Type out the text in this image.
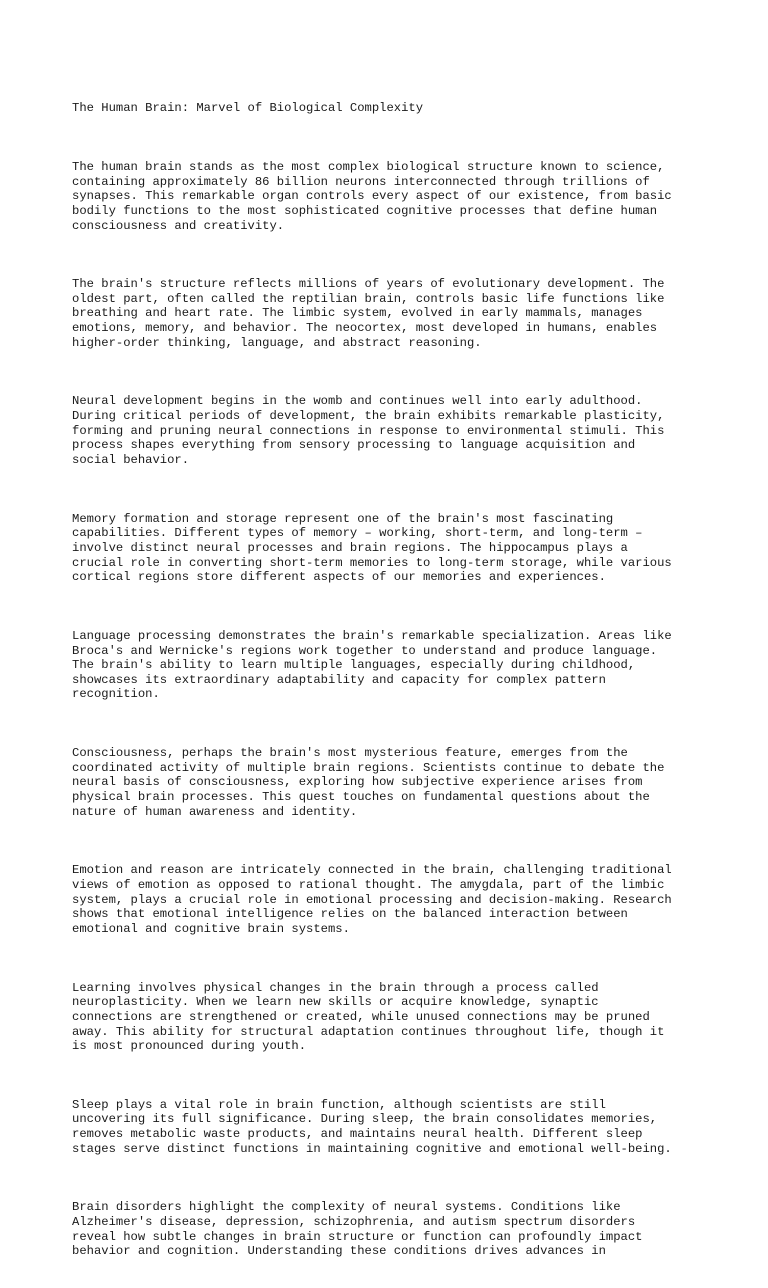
The Human Brain: Marvel of Biological Complexity

The human brain stands as the most complex biological structure known to science,
containing approximately 86 billion neurons interconnected through trillions of
synapses. This remarkable organ controls every aspect of our existence, from basic
bodily functions to the most sophisticated cognitive processes that define human
consciousness and creativity.

The brain's structure reflects millions of years of evolutionary development. The
oldest part, often called the reptilian brain, controls basic life functions like
breathing and heart rate. The limbic system, evolved in early mammals, manages
emotions, memory, and behavior. The neocortex, most developed in humans, enables
higher-order thinking, language, and abstract reasoning.

Neural development begins in the womb and continues well into early adulthood.
During critical periods of development, the brain exhibits remarkable plasticity,
forming and pruning neural connections in response to environmental stimuli. This
process shapes everything from sensory processing to language acquisition and
social behavior.

Memory formation and storage represent one of the brain's most fascinating
capabilities. Different types of memory – working, short-term, and long-term –
involve distinct neural processes and brain regions. The hippocampus plays a
crucial role in converting short-term memories to long-term storage, while various
cortical regions store different aspects of our memories and experiences.

Language processing demonstrates the brain's remarkable specialization. Areas like
Broca's and Wernicke's regions work together to understand and produce language.
The brain's ability to learn multiple languages, especially during childhood,
showcases its extraordinary adaptability and capacity for complex pattern
recognition.

Consciousness, perhaps the brain's most mysterious feature, emerges from the
coordinated activity of multiple brain regions. Scientists continue to debate the
neural basis of consciousness, exploring how subjective experience arises from
physical brain processes. This quest touches on fundamental questions about the
nature of human awareness and identity.

Emotion and reason are intricately connected in the brain, challenging traditional
views of emotion as opposed to rational thought. The amygdala, part of the limbic
system, plays a crucial role in emotional processing and decision-making. Research
shows that emotional intelligence relies on the balanced interaction between
emotional and cognitive brain systems.

Learning involves physical changes in the brain through a process called
neuroplasticity. When we learn new skills or acquire knowledge, synaptic
connections are strengthened or created, while unused connections may be pruned
away. This ability for structural adaptation continues throughout life, though it
is most pronounced during youth.

Sleep plays a vital role in brain function, although scientists are still
uncovering its full significance. During sleep, the brain consolidates memories,
removes metabolic waste products, and maintains neural health. Different sleep
stages serve distinct functions in maintaining cognitive and emotional well-being.

Brain disorders highlight the complexity of neural systems. Conditions like
Alzheimer's disease, depression, schizophrenia, and autism spectrum disorders
reveal how subtle changes in brain structure or function can profoundly impact
behavior and cognition. Understanding these conditions drives advances in
